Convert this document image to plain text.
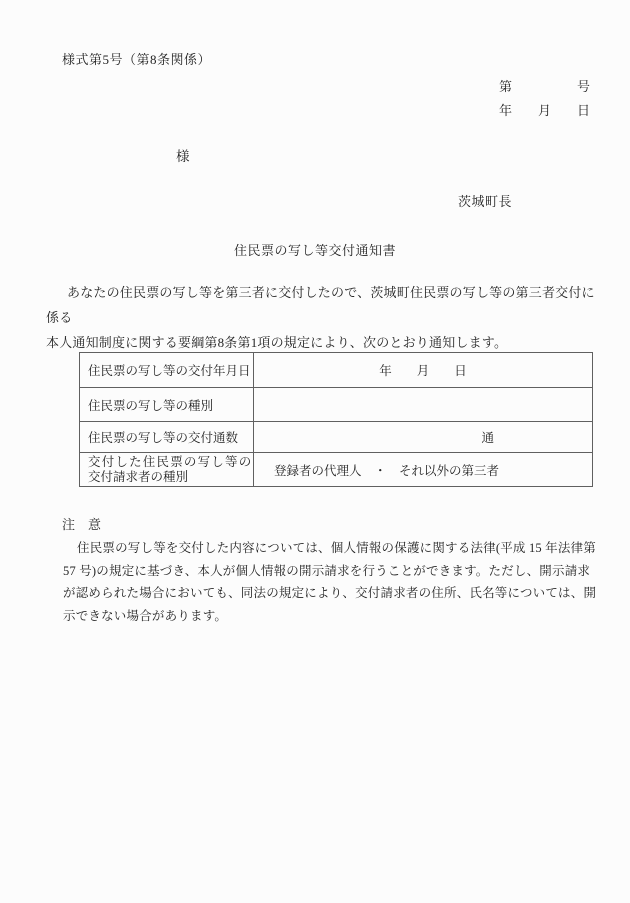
様式第5号（第8条関係）
第　　　　　号
年　　月　　日
様
茨城町長
住民票の写し等交付通知書
あなたの住民票の写し等を第三者に交付したので、茨城町住民票の写し等の第三者交付に係る
本人通知制度に関する要綱第8条第1項の規定により、次のとおり通知します。
住民票の写し等の交付年月日	年　　月　　日
住民票の写し等の種別	
住民票の写し等の交付通数	通

交付した住民票の写し等の
交付請求者の種別	登録者の代理人　・　それ以外の第三者
注　意
住民票の写し等を交付した内容については、個人情報の保護に関する法律(平成 15 年法律第
57 号)の規定に基づき、本人が個人情報の開示請求を行うことができます。ただし、開示請求
が認められた場合においても、同法の規定により、交付請求者の住所、氏名等については、開
示できない場合があります。
